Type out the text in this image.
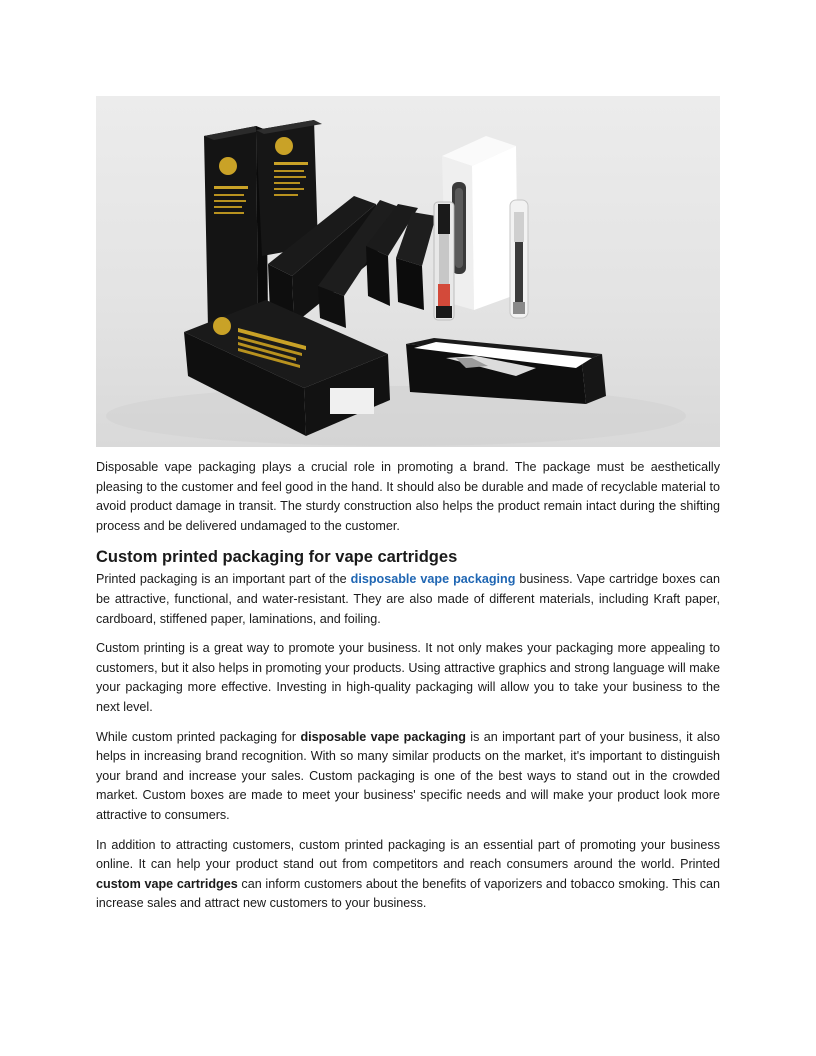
Disposable vape packaging plays a crucial role in promoting a brand. The package must be aesthetically pleasing to the customer and feel good in the hand. It should also be durable and made of recyclable material to avoid product damage in transit. The sturdy construction also helps the product remain intact during the shifting process and be delivered undamaged to the customer.

Custom printed packaging for vape cartridges

Printed packaging is an important part of the disposable vape packaging business. Vape cartridge boxes can be attractive, functional, and water-resistant. They are also made of different materials, including Kraft paper, cardboard, stiffened paper, laminations, and foiling.

Custom printing is a great way to promote your business. It not only makes your packaging more appealing to customers, but it also helps in promoting your products. Using attractive graphics and strong language will make your packaging more effective. Investing in high-quality packaging will allow you to take your business to the next level.

While custom printed packaging for disposable vape packaging is an important part of your business, it also helps in increasing brand recognition. With so many similar products on the market, it's important to distinguish your brand and increase your sales. Custom packaging is one of the best ways to stand out in the crowded market. Custom boxes are made to meet your business' specific needs and will make your product look more attractive to consumers.

In addition to attracting customers, custom printed packaging is an essential part of promoting your business online. It can help your product stand out from competitors and reach consumers around the world. Printed custom vape cartridges can inform customers about the benefits of vaporizers and tobacco smoking. This can increase sales and attract new customers to your business.
